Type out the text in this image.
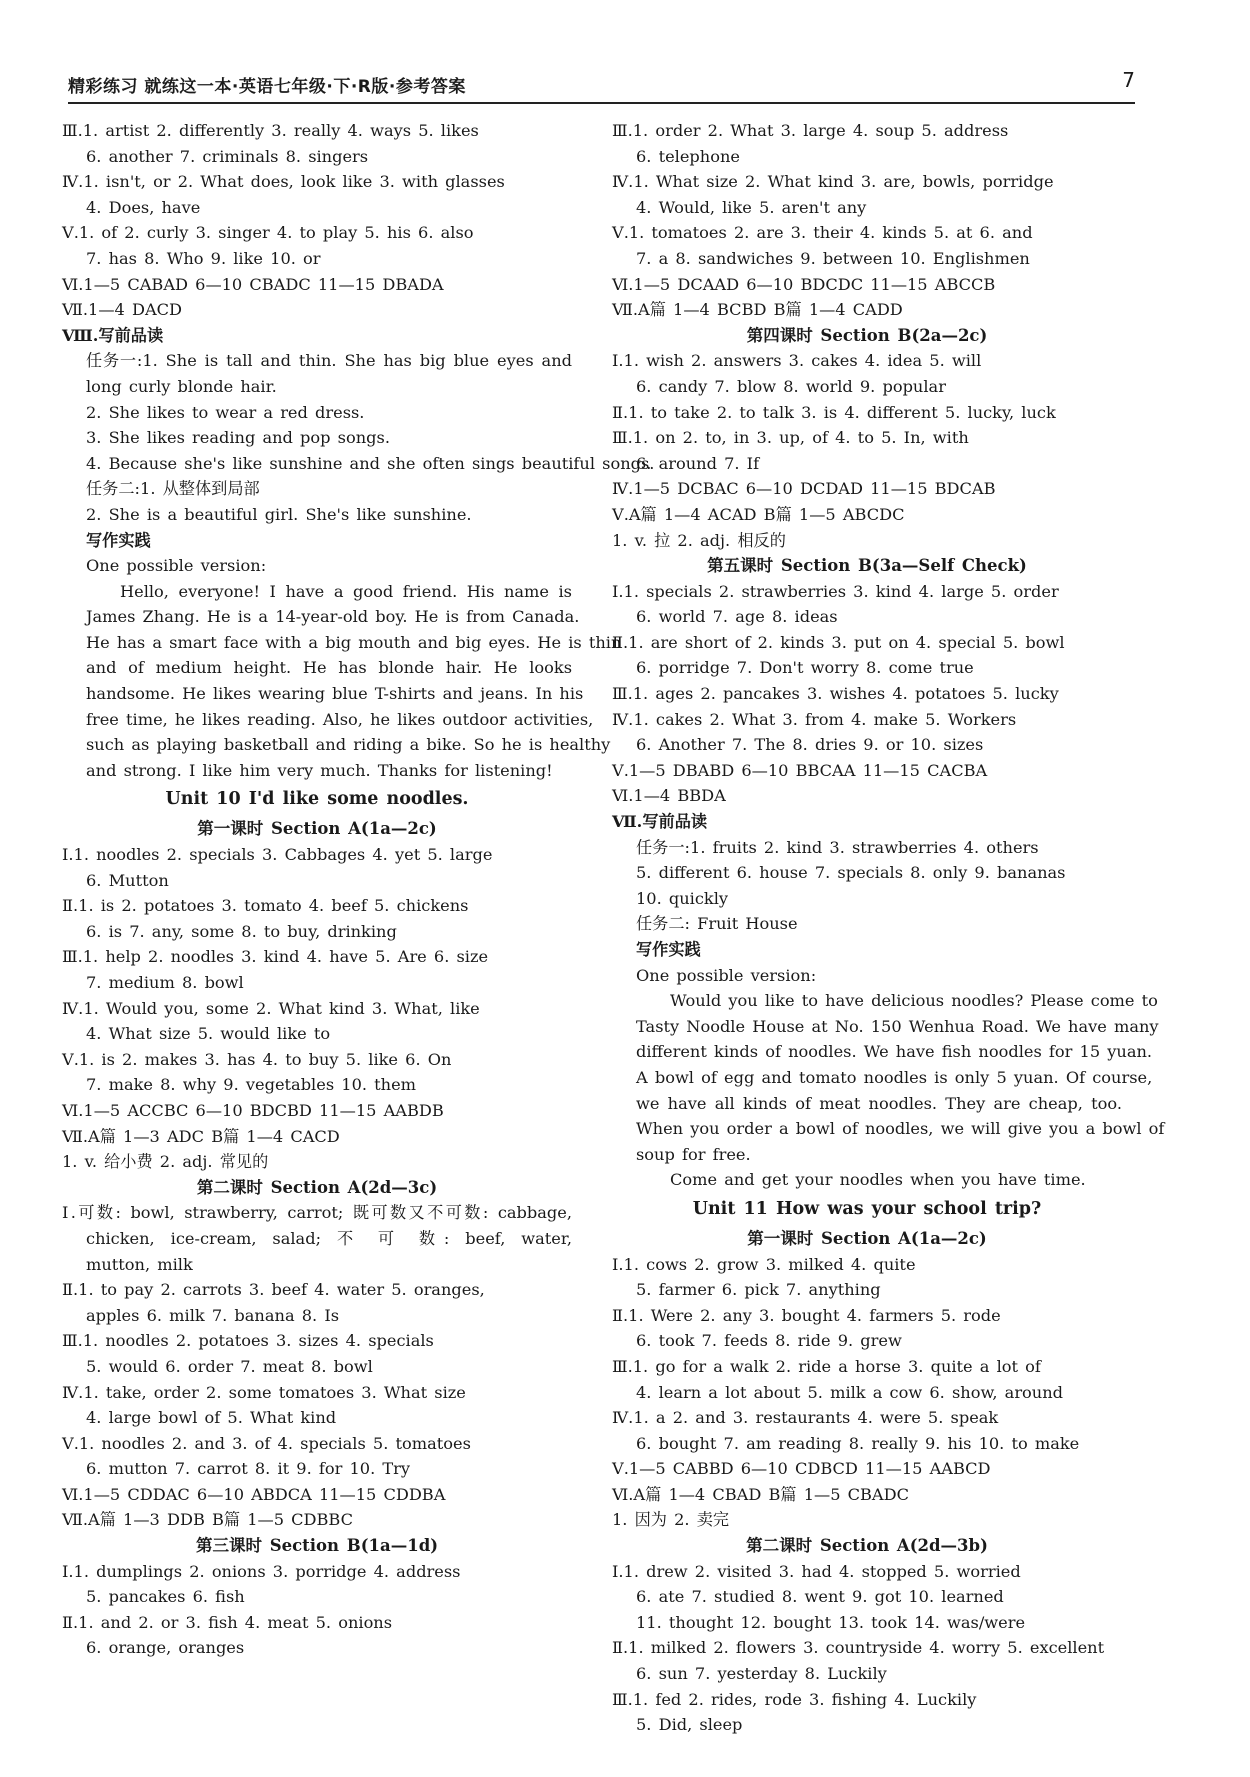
精彩练习 就练这一本·英语七年级·下·R版·参考答案	7
Ⅲ.1. artist 2. differently 3. really 4. ways 5. likes
6. another 7. criminals 8. singers
Ⅳ.1. isn't, or 2. What does, look like 3. with glasses
4. Does, have
Ⅴ.1. of 2. curly 3. singer 4. to play 5. his 6. also
7. has 8. Who 9. like 10. or
Ⅵ.1—5 CABAD 6—10 CBADC 11—15 DBADA
Ⅶ.1—4 DACD
Ⅷ.写前品读
任务一:1. She is tall and thin. She has big blue eyes and
long curly blonde hair.
2. She likes to wear a red dress.
3. She likes reading and pop songs.
4. Because she's like sunshine and she often sings beautiful songs.
任务二:1. 从整体到局部
2. She is a beautiful girl. She's like sunshine.
写作实践
One possible version:
Hello, everyone! I have a good friend. His name is
James Zhang. He is a 14-year-old boy. He is from Canada.
He has a smart face with a big mouth and big eyes. He is thin
and of medium height. He has blonde hair. He looks
handsome. He likes wearing blue T-shirts and jeans. In his
free time, he likes reading. Also, he likes outdoor activities,
such as playing basketball and riding a bike. So he is healthy
and strong. I like him very much. Thanks for listening!
Unit 10 I'd like some noodles.
第一课时 Section A(1a—2c)
Ⅰ.1. noodles 2. specials 3. Cabbages 4. yet 5. large
6. Mutton
Ⅱ.1. is 2. potatoes 3. tomato 4. beef 5. chickens
6. is 7. any, some 8. to buy, drinking
Ⅲ.1. help 2. noodles 3. kind 4. have 5. Are 6. size
7. medium 8. bowl
Ⅳ.1. Would you, some 2. What kind 3. What, like
4. What size 5. would like to
Ⅴ.1. is 2. makes 3. has 4. to buy 5. like 6. On
7. make 8. why 9. vegetables 10. them
Ⅵ.1—5 ACCBC 6—10 BDCBD 11—15 AABDB
Ⅶ.A篇 1—3 ADC B篇 1—4 CACD
1. v. 给小费 2. adj. 常见的
第二课时 Section A(2d—3c)
Ⅰ.可数: bowl, strawberry, carrot; 既可数又不可数: cabbage,
chicken, ice-cream, salad; 不 可 数: beef, water,
mutton, milk
Ⅱ.1. to pay 2. carrots 3. beef 4. water 5. oranges,
apples 6. milk 7. banana 8. Is
Ⅲ.1. noodles 2. potatoes 3. sizes 4. specials
5. would 6. order 7. meat 8. bowl
Ⅳ.1. take, order 2. some tomatoes 3. What size
4. large bowl of 5. What kind
Ⅴ.1. noodles 2. and 3. of 4. specials 5. tomatoes
6. mutton 7. carrot 8. it 9. for 10. Try
Ⅵ.1—5 CDDAC 6—10 ABDCA 11—15 CDDBA
Ⅶ.A篇 1—3 DDB B篇 1—5 CDBBC
第三课时 Section B(1a—1d)
Ⅰ.1. dumplings 2. onions 3. porridge 4. address
5. pancakes 6. fish
Ⅱ.1. and 2. or 3. fish 4. meat 5. onions
6. orange, oranges
Ⅲ.1. order 2. What 3. large 4. soup 5. address
6. telephone
Ⅳ.1. What size 2. What kind 3. are, bowls, porridge
4. Would, like 5. aren't any
Ⅴ.1. tomatoes 2. are 3. their 4. kinds 5. at 6. and
7. a 8. sandwiches 9. between 10. Englishmen
Ⅵ.1—5 DCAAD 6—10 BDCDC 11—15 ABCCB
Ⅶ.A篇 1—4 BCBD B篇 1—4 CADD
第四课时 Section B(2a—2c)
Ⅰ.1. wish 2. answers 3. cakes 4. idea 5. will
6. candy 7. blow 8. world 9. popular
Ⅱ.1. to take 2. to talk 3. is 4. different 5. lucky, luck
Ⅲ.1. on 2. to, in 3. up, of 4. to 5. In, with
6. around 7. If
Ⅳ.1—5 DCBAC 6—10 DCDAD 11—15 BDCAB
Ⅴ.A篇 1—4 ACAD B篇 1—5 ABCDC
1. v. 拉 2. adj. 相反的
第五课时 Section B(3a—Self Check)
Ⅰ.1. specials 2. strawberries 3. kind 4. large 5. order
6. world 7. age 8. ideas
Ⅱ.1. are short of 2. kinds 3. put on 4. special 5. bowl
6. porridge 7. Don't worry 8. come true
Ⅲ.1. ages 2. pancakes 3. wishes 4. potatoes 5. lucky
Ⅳ.1. cakes 2. What 3. from 4. make 5. Workers
6. Another 7. The 8. dries 9. or 10. sizes
Ⅴ.1—5 DBABD 6—10 BBCAA 11—15 CACBA
Ⅵ.1—4 BBDA
Ⅶ.写前品读
任务一:1. fruits 2. kind 3. strawberries 4. others
5. different 6. house 7. specials 8. only 9. bananas
10. quickly
任务二: Fruit House
写作实践
One possible version:
Would you like to have delicious noodles? Please come to
Tasty Noodle House at No. 150 Wenhua Road. We have many
different kinds of noodles. We have fish noodles for 15 yuan.
A bowl of egg and tomato noodles is only 5 yuan. Of course,
we have all kinds of meat noodles. They are cheap, too.
When you order a bowl of noodles, we will give you a bowl of
soup for free.
Come and get your noodles when you have time.
Unit 11 How was your school trip?
第一课时 Section A(1a—2c)
Ⅰ.1. cows 2. grow 3. milked 4. quite
5. farmer 6. pick 7. anything
Ⅱ.1. Were 2. any 3. bought 4. farmers 5. rode
6. took 7. feeds 8. ride 9. grew
Ⅲ.1. go for a walk 2. ride a horse 3. quite a lot of
4. learn a lot about 5. milk a cow 6. show, around
Ⅳ.1. a 2. and 3. restaurants 4. were 5. speak
6. bought 7. am reading 8. really 9. his 10. to make
Ⅴ.1—5 CABBD 6—10 CDBCD 11—15 AABCD
Ⅵ.A篇 1—4 CBAD B篇 1—5 CBADC
1. 因为 2. 卖完
第二课时 Section A(2d—3b)
Ⅰ.1. drew 2. visited 3. had 4. stopped 5. worried
6. ate 7. studied 8. went 9. got 10. learned
11. thought 12. bought 13. took 14. was/were
Ⅱ.1. milked 2. flowers 3. countryside 4. worry 5. excellent
6. sun 7. yesterday 8. Luckily
Ⅲ.1. fed 2. rides, rode 3. fishing 4. Luckily
5. Did, sleep
